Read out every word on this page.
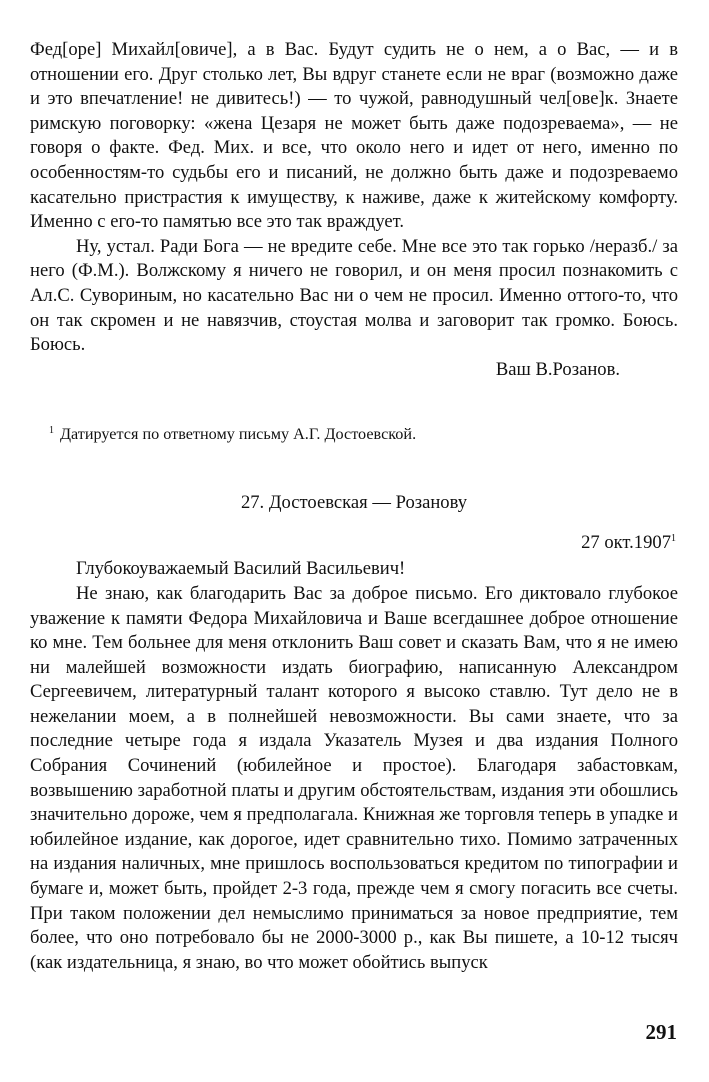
Фед[оре] Михайл[овиче], а в Вас. Будут судить не о нем, а о Вас, — и в отношении его. Друг столько лет, Вы вдруг станете если не враг (возможно даже и это впечатление! не дивитесь!) — то чужой, равнодушный чел[ове]к. Знаете римскую поговорку: «жена Цезаря не может быть даже подозреваема», — не говоря о факте. Фед. Мих. и все, что около него и идет от него, именно по особенностям-то судьбы его и писаний, не должно быть даже и подозреваемо касательно пристрастия к имуществу, к наживе, даже к житейскому комфорту. Именно с его-то памятью все это так враждует.

Ну, устал. Ради Бога — не вредите себе. Мне все это так горько /неразб./ за него (Ф.М.). Волжскому я ничего не говорил, и он меня просил познакомить с Ал.С. Сувориным, но касательно Вас ни о чем не просил. Именно оттого-то, что он так скромен и не навязчив, стоустая молва и заговорит так громко. Боюсь. Боюсь.

Ваш В.Розанов.

$^1$ Датируется по ответному письму А.Г. Достоевской.

27. Достоевская — Розанову

27 окт.1907$^1$

Глубокоуважаемый Василий Васильевич!

Не знаю, как благодарить Вас за доброе письмо. Его диктовало глубокое уважение к памяти Федора Михайловича и Ваше всегдашнее доброе отношение ко мне. Тем больнее для меня отклонить Ваш совет и сказать Вам, что я не имею ни малейшей возможности издать биографию, написанную Александром Сергеевичем, литературный талант которого я высоко ставлю. Тут дело не в нежелании моем, а в полнейшей невозможности. Вы сами знаете, что за последние четыре года я издала Указатель Музея и два издания Полного Собрания Сочинений (юбилейное и простое). Благодаря забастовкам, возвышению заработной платы и другим обстоятельствам, издания эти обошлись значительно дороже, чем я предполагала. Книжная же торговля теперь в упадке и юбилейное издание, как дорогое, идет сравнительно тихо. Помимо затраченных на издания наличных, мне пришлось воспользоваться кредитом по типографии и бумаге и, может быть, пройдет 2-3 года, прежде чем я смогу погасить все счеты. При таком положении дел немыслимо приниматься за новое предприятие, тем более, что оно потребовало бы не 2000-3000 р., как Вы пишете, а 10-12 тысяч (как издательница, я знаю, во что может обойтись выпуск

291
